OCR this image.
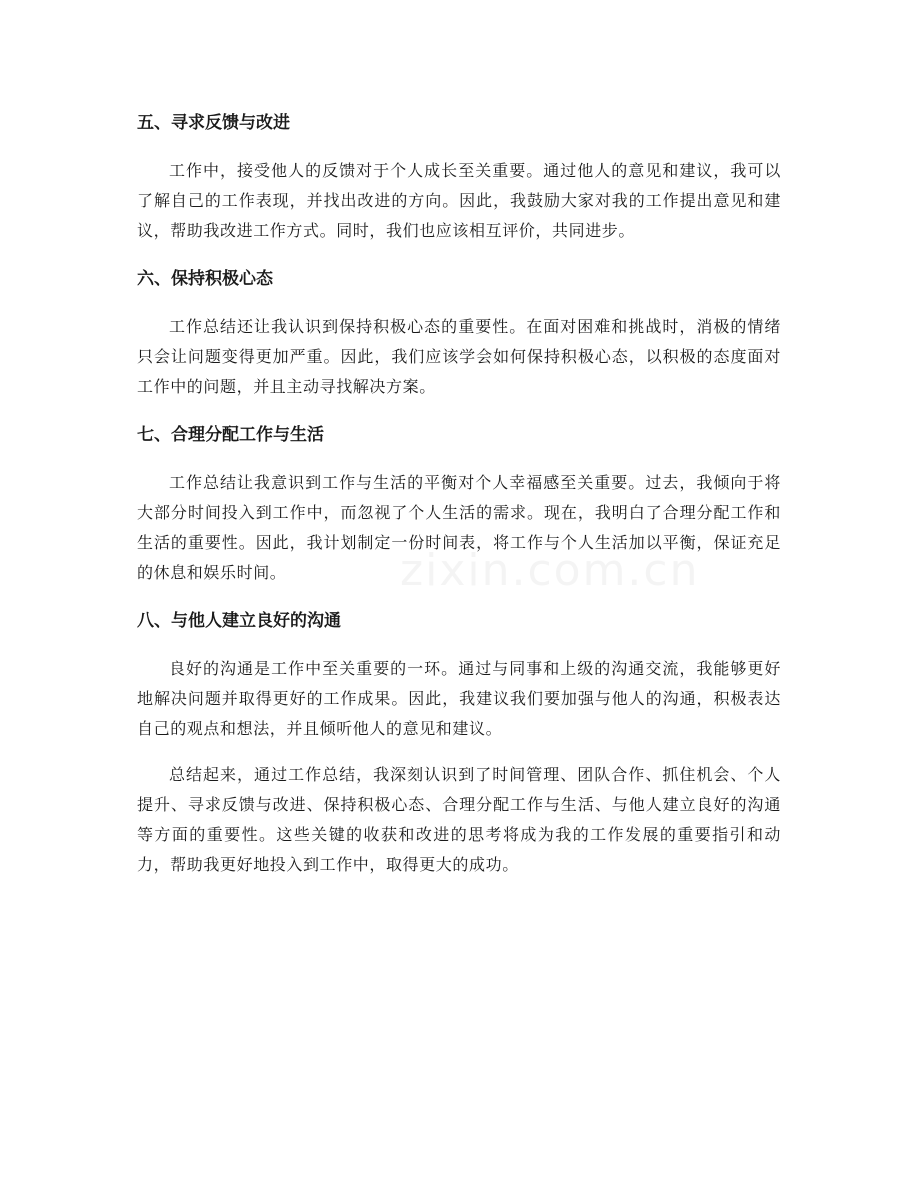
zixin.com.cn
五、寻求反馈与改进

工作中，接受他人的反馈对于个人成长至关重要。通过他人的意见和建议，我可以了解自己的工作表现，并找出改进的方向。因此，我鼓励大家对我的工作提出意见和建议，帮助我改进工作方式。同时，我们也应该相互评价，共同进步。

六、保持积极心态

工作总结还让我认识到保持积极心态的重要性。在面对困难和挑战时，消极的情绪只会让问题变得更加严重。因此，我们应该学会如何保持积极心态，以积极的态度面对工作中的问题，并且主动寻找解决方案。

七、合理分配工作与生活

工作总结让我意识到工作与生活的平衡对个人幸福感至关重要。过去，我倾向于将大部分时间投入到工作中，而忽视了个人生活的需求。现在，我明白了合理分配工作和生活的重要性。因此，我计划制定一份时间表，将工作与个人生活加以平衡，保证充足的休息和娱乐时间。

八、与他人建立良好的沟通

良好的沟通是工作中至关重要的一环。通过与同事和上级的沟通交流，我能够更好地解决问题并取得更好的工作成果。因此，我建议我们要加强与他人的沟通，积极表达自己的观点和想法，并且倾听他人的意见和建议。

总结起来，通过工作总结，我深刻认识到了时间管理、团队合作、抓住机会、个人提升、寻求反馈与改进、保持积极心态、合理分配工作与生活、与他人建立良好的沟通等方面的重要性。这些关键的收获和改进的思考将成为我的工作发展的重要指引和动力，帮助我更好地投入到工作中，取得更大的成功。
